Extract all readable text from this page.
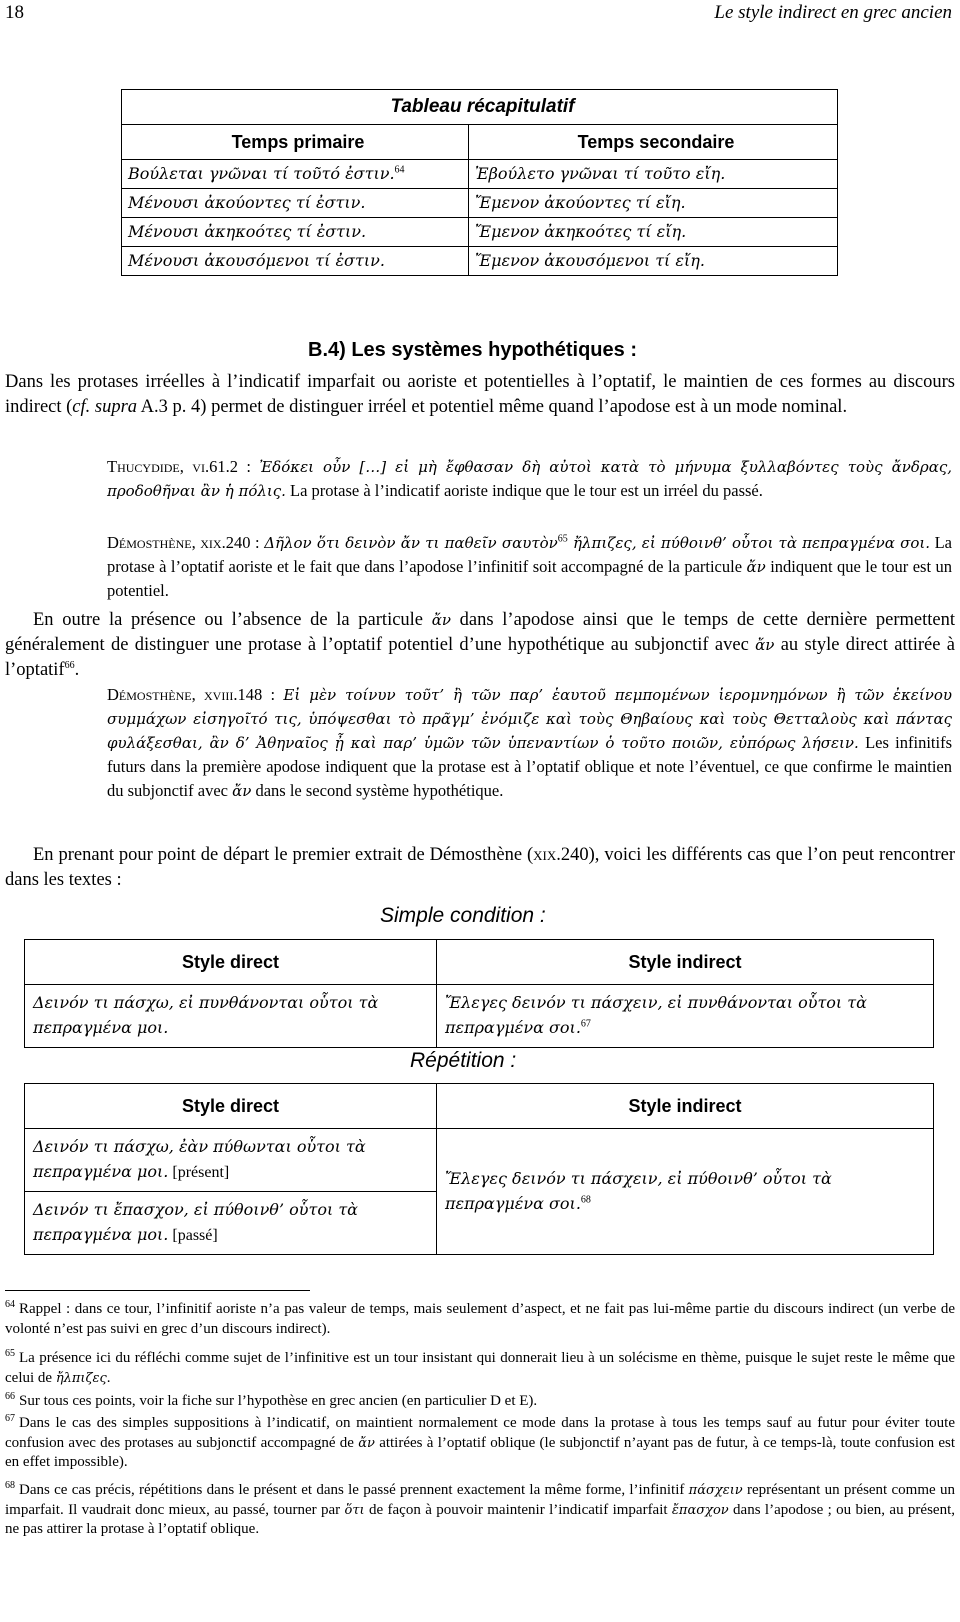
18	Le style indirect en grec ancien
Tableau récapitulatif	
Temps primaire	Temps secondaire
Βούλεται γνῶναι τί τοῦτό ἐστιν.$^{64}$	Ἐβούλετο γνῶναι τί τοῦτο εἴη.
Μένουσι ἀκούοντες τί ἐστιν.	Ἔμενον ἀκούοντες τί εἴη.
Μένουσι ἀκηκοότες τί ἐστιν.	Ἔμενον ἀκηκοότες τί εἴη.
Μένουσι ἀκουσόμενοι τί ἐστιν.	Ἔμενον ἀκουσόμενοι τί εἴη.
B.4) Les systèmes hypothétiques :

Dans les protases irréelles à l’indicatif imparfait ou aoriste et potentielles à l’optatif, le maintien de ces formes au discours indirect (cf. supra A.3 p. 4) permet de distinguer irréel et potentiel même quand l’apodose est à un mode nominal.

Thucydide, vi.61.2 : Ἐδόκει οὖν […] εἰ μὴ ἔφθασαν δὴ αὐτοὶ κατὰ τὸ μήνυμα ξυλλαβόντες τοὺς ἄνδρας, προδοθῆναι ἂν ἡ πόλις. La protase à l’indicatif aoriste indique que le tour est un irréel du passé.

Démosthène, xix.240 : Δῆλον ὅτι δεινὸν ἄν τι παθεῖν σαυτὸν$^{65}$ ἤλπιζες, εἰ πύθοινθ’ οὗτοι τὰ πεπραγμένα σοι. La protase à l’optatif aoriste et le fait que dans l’apodose l’infinitif soit accompagné de la particule ἄν indiquent que le tour est un potentiel.

En outre la présence ou l’absence de la particule ἄν dans l’apodose ainsi que le temps de cette dernière permettent généralement de distinguer une protase à l’optatif potentiel d’une hypothétique au subjonctif avec ἄν au style direct attirée à l’optatif$^{66}$.

Démosthène, xviii.148 : Εἰ μὲν τοίνυν τοῦτ’ ἢ τῶν παρ’ ἑαυτοῦ πεμπομένων ἱερομνημόνων ἢ τῶν ἐκείνου συμμάχων εἰσηγοῖτό τις, ὑπόψεσθαι τὸ πρᾶγμ’ ἐνόμιζε καὶ τοὺς Θηβαίους καὶ τοὺς Θετταλοὺς καὶ πάντας φυλάξεσθαι, ἂν δ’ Ἀθηναῖος ᾖ καὶ παρ’ ὑμῶν τῶν ὑπεναντίων ὁ τοῦτο ποιῶν, εὐπόρως λήσειν. Les infinitifs futurs dans la première apodose indiquent que la protase est à l’optatif oblique et note l’éventuel, ce que confirme le maintien du subjonctif avec ἄν dans le second système hypothétique.

En prenant pour point de départ le premier extrait de Démosthène (xix.240), voici les différents cas que l’on peut rencontrer dans les textes :

Simple condition :
Style direct	Style indirect
Δεινόν τι πάσχω, εἰ πυνθάνονται οὗτοι τὰ πεπραγμένα μοι.	Ἔλεγες δεινόν τι πάσχειν, εἰ πυνθάνονται οὗτοι τὰ πεπραγμένα σοι.$^{67}$
Répétition :
Style direct	Style indirect
Δεινόν τι πάσχω, ἐὰν πύθωνται οὗτοι τὰ πεπραγμένα μοι. [présent]	Ἔλεγες δεινόν τι πάσχειν, εἰ πύθοινθ’ οὗτοι τὰ πεπραγμένα σοι.$^{68}$
Δεινόν τι ἔπασχον, εἰ πύθοινθ’ οὗτοι τὰ πεπραγμένα μοι. [passé]	

$^{64}$ Rappel : dans ce tour, l’infinitif aoriste n’a pas valeur de temps, mais seulement d’aspect, et ne fait pas lui-même partie du discours indirect (un verbe de volonté n’est pas suivi en grec d’un discours indirect).

$^{65}$ La présence ici du réfléchi comme sujet de l’infinitive est un tour insistant qui donnerait lieu à un solécisme en thème, puisque le sujet reste le même que celui de ἤλπιζες.

$^{66}$ Sur tous ces points, voir la fiche sur l’hypothèse en grec ancien (en particulier D et E).

$^{67}$ Dans le cas des simples suppositions à l’indicatif, on maintient normalement ce mode dans la protase à tous les temps sauf au futur pour éviter toute confusion avec des protases au subjonctif accompagné de ἄν attirées à l’optatif oblique (le subjonctif n’ayant pas de futur, à ce temps-là, toute confusion est en effet impossible).

$^{68}$ Dans ce cas précis, répétitions dans le présent et dans le passé prennent exactement la même forme, l’infinitif πάσχειν représentant un présent comme un imparfait. Il vaudrait donc mieux, au passé, tourner par ὅτι de façon à pouvoir maintenir l’indicatif imparfait ἔπασχον dans l’apodose ; ou bien, au présent, ne pas attirer la protase à l’optatif oblique.
